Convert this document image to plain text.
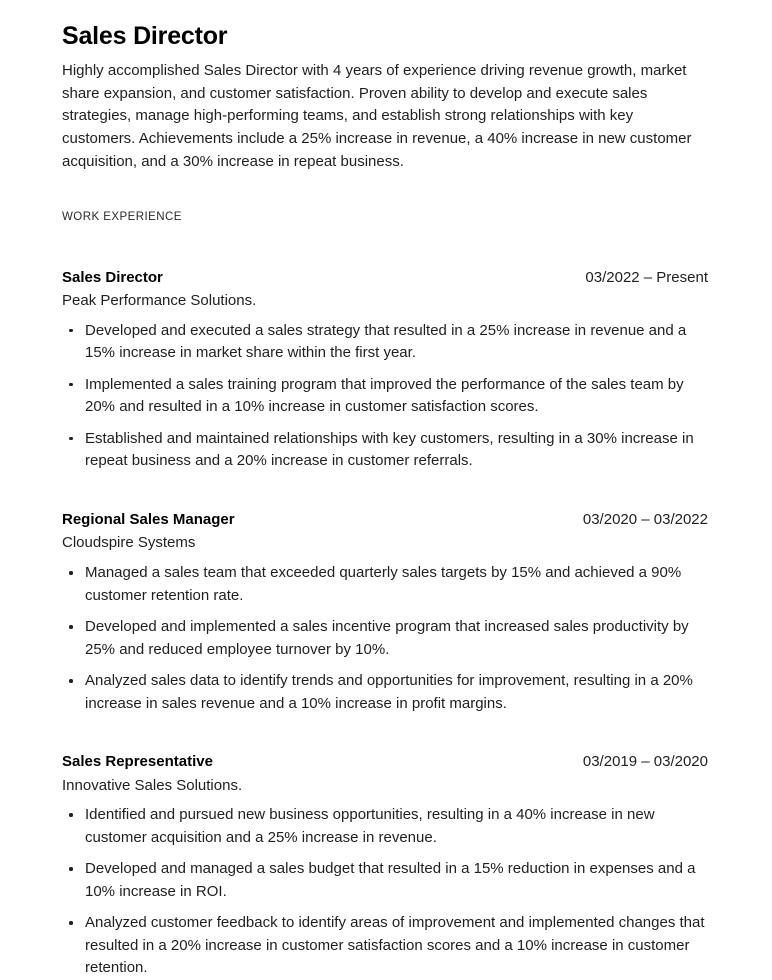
Sales Director

Highly accomplished Sales Director with 4 years of experience driving revenue growth, market share expansion, and customer satisfaction. Proven ability to develop and execute sales strategies, manage high-performing teams, and establish strong relationships with key customers. Achievements include a 25% increase in revenue, a 40% increase in new customer acquisition, and a 30% increase in repeat business.

WORK EXPERIENCE
Sales Director	03/2022 – Present
Peak Performance Solutions.
Developed and executed a sales strategy that resulted in a 25% increase in revenue and a 15% increase in market share within the first year.
Implemented a sales training program that improved the performance of the sales team by 20% and resulted in a 10% increase in customer satisfaction scores.
Established and maintained relationships with key customers, resulting in a 30% increase in repeat business and a 20% increase in customer referrals.
Regional Sales Manager	03/2020 – 03/2022
Cloudspire Systems
Managed a sales team that exceeded quarterly sales targets by 15% and achieved a 90% customer retention rate.
Developed and implemented a sales incentive program that increased sales productivity by 25% and reduced employee turnover by 10%.
Analyzed sales data to identify trends and opportunities for improvement, resulting in a 20% increase in sales revenue and a 10% increase in profit margins.
Sales Representative	03/2019 – 03/2020
Innovative Sales Solutions.
Identified and pursued new business opportunities, resulting in a 40% increase in new customer acquisition and a 25% increase in revenue.
Developed and managed a sales budget that resulted in a 15% reduction in expenses and a 10% increase in ROI.
Analyzed customer feedback to identify areas of improvement and implemented changes that resulted in a 20% increase in customer satisfaction scores and a 10% increase in customer retention.
